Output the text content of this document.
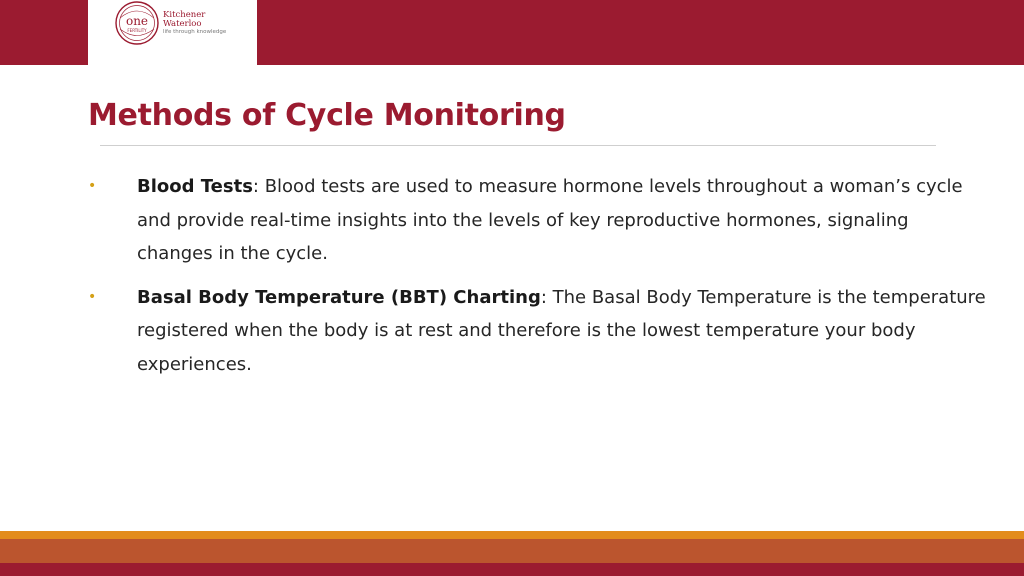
one
FERTILITY
Kitchener
Waterloo
life through knowledge
Methods of Cycle Monitoring
• Blood Tests: Blood tests are used to measure hormone levels throughout a woman’s cycle and provide real-time insights into the levels of key reproductive hormones, signaling changes in the cycle.
• Basal Body Temperature (BBT) Charting: The Basal Body Temperature is the temperature registered when the body is at rest and therefore is the lowest temperature your body experiences.
